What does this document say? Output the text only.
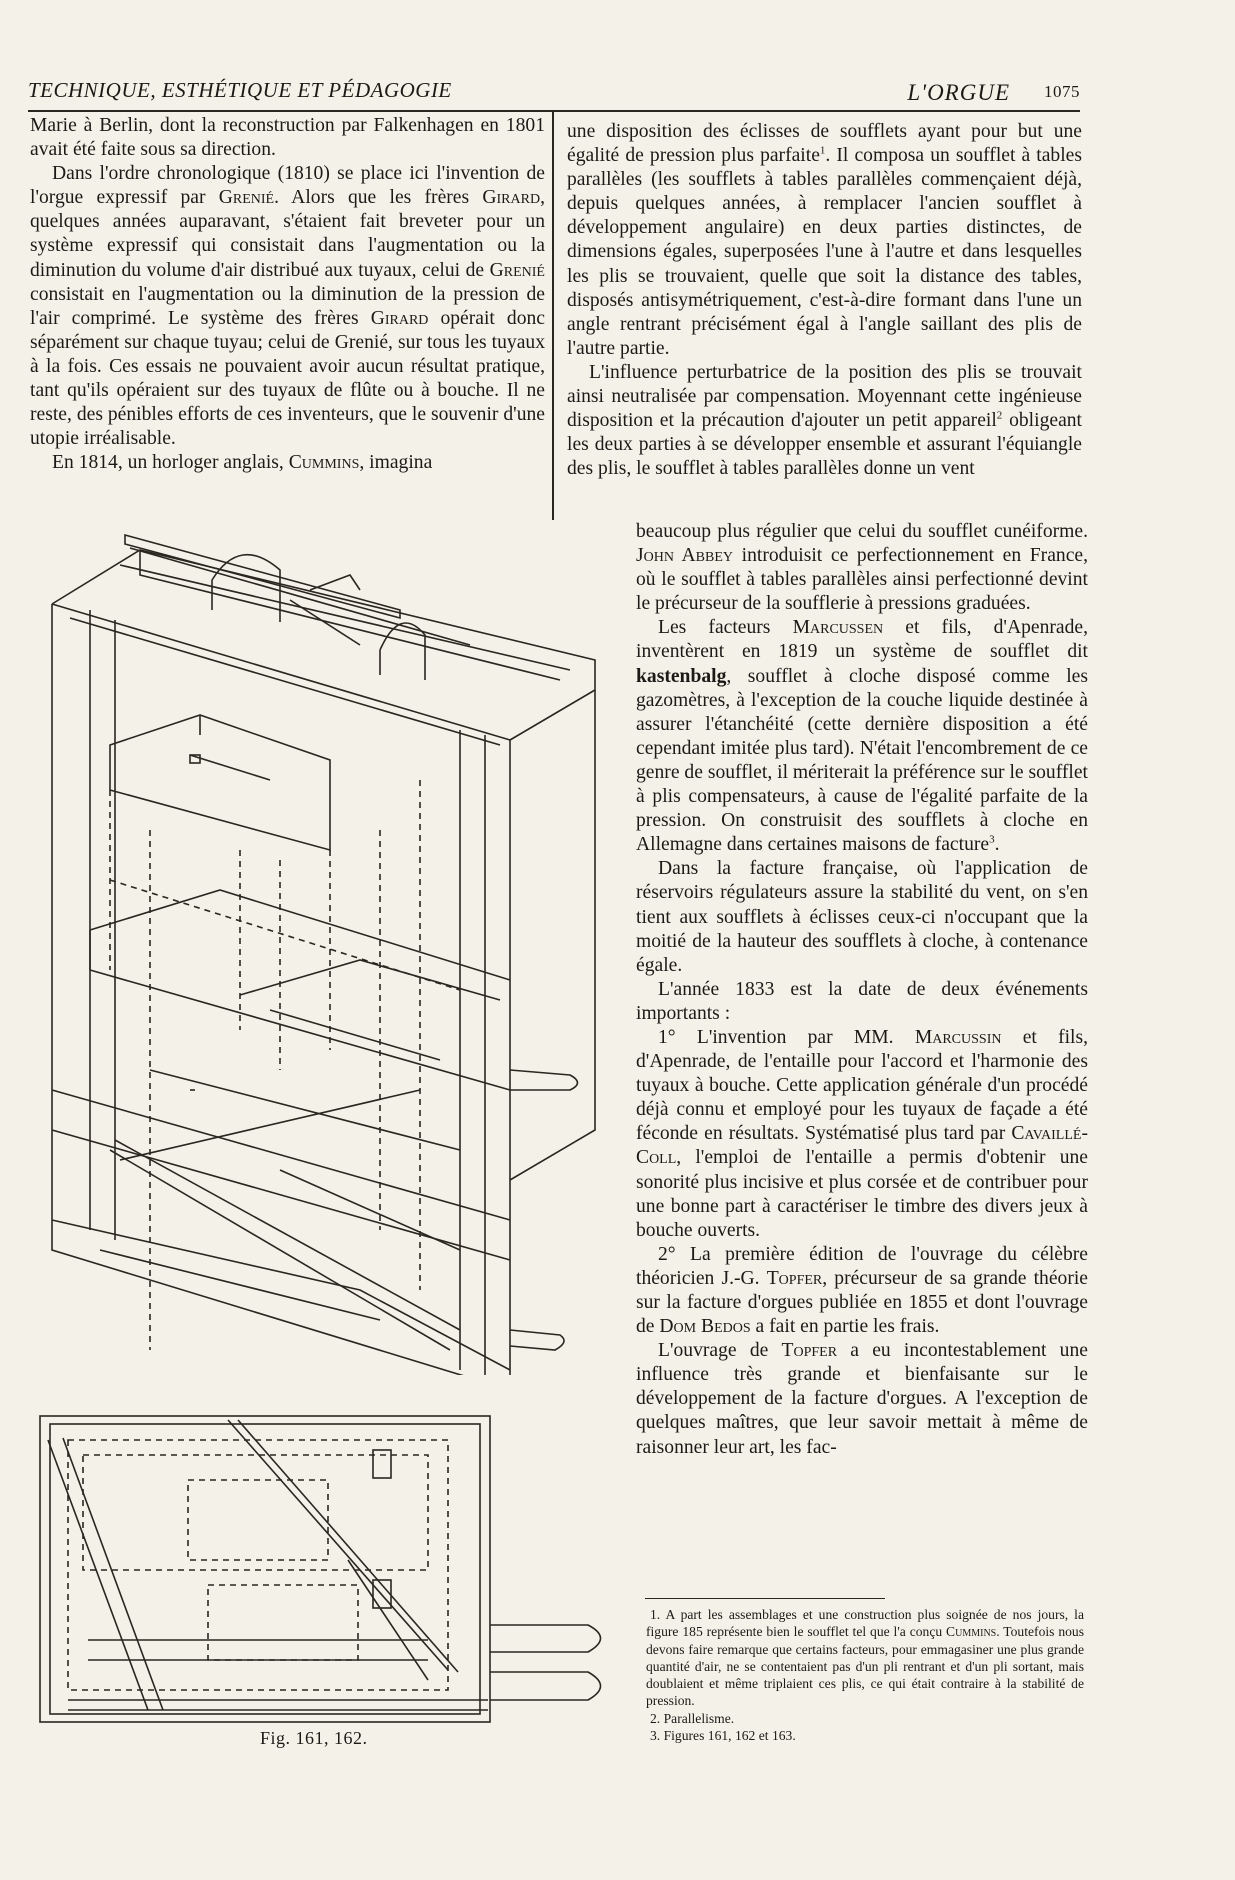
TECHNIQUE, ESTHÉTIQUE ET PÉDAGOGIE	L'ORGUE 1075

Marie à Berlin, dont la reconstruction par Falkenhagen en 1801 avait été faite sous sa direction.

Dans l'ordre chronologique (1810) se place ici l'invention de l'orgue expressif par Grenié. Alors que les frères Girard, quelques années auparavant, s'étaient fait breveter pour un système expressif qui consistait dans l'augmentation ou la diminution du volume d'air distribué aux tuyaux, celui de Grenié consistait en l'augmentation ou la diminution de la pression de l'air comprimé. Le système des frères Girard opérait donc séparément sur chaque tuyau; celui de Grenié, sur tous les tuyaux à la fois. Ces essais ne pouvaient avoir aucun résultat pratique, tant qu'ils opéraient sur des tuyaux de flûte ou à bouche. Il ne reste, des pénibles efforts de ces inventeurs, que le souvenir d'une utopie irréalisable.

En 1814, un horloger anglais, Cummins, imagina

une disposition des éclisses de soufflets ayant pour but une égalité de pression plus parfaite$^1$. Il composa un soufflet à tables parallèles (les soufflets à tables parallèles commençaient déjà, depuis quelques années, à remplacer l'ancien soufflet à développement angulaire) en deux parties distinctes, de dimensions égales, superposées l'une à l'autre et dans lesquelles les plis se trouvaient, quelle que soit la distance des tables, disposés antisymétriquement, c'est-à-dire formant dans l'une un angle rentrant précisément égal à l'angle saillant des plis de l'autre partie.

L'influence perturbatrice de la position des plis se trouvait ainsi neutralisée par compensation. Moyennant cette ingénieuse disposition et la précaution d'ajouter un petit appareil$^2$ obligeant les deux parties à se développer ensemble et assurant l'équiangle des plis, le soufflet à tables parallèles donne un vent

beaucoup plus régulier que celui du soufflet cunéiforme. John Abbey introduisit ce perfectionnement en France, où le soufflet à tables parallèles ainsi perfectionné devint le précurseur de la soufflerie à pressions graduées.

Les facteurs Marcussen et fils, d'Apenrade, inventèrent en 1819 un système de soufflet dit kastenbalg, soufflet à cloche disposé comme les gazomètres, à l'exception de la couche liquide destinée à assurer l'étanchéité (cette dernière disposition a été cependant imitée plus tard). N'était l'encombrement de ce genre de soufflet, il mériterait la préférence sur le soufflet à plis compensateurs, à cause de l'égalité parfaite de la pression. On construisit des soufflets à cloche en Allemagne dans certaines maisons de facture$^3$.

Dans la facture française, où l'application de réservoirs régulateurs assure la stabilité du vent, on s'en tient aux soufflets à éclisses ceux-ci n'occupant que la moitié de la hauteur des soufflets à cloche, à contenance égale.

L'année 1833 est la date de deux événements importants :

1° L'invention par MM. Marcussin et fils, d'Apenrade, de l'entaille pour l'accord et l'harmonie des tuyaux à bouche. Cette application générale d'un procédé déjà connu et employé pour les tuyaux de façade a été féconde en résultats. Systématisé plus tard par Cavaillé-Coll, l'emploi de l'entaille a permis d'obtenir une sonorité plus incisive et plus corsée et de contribuer pour une bonne part à caractériser le timbre des divers jeux à bouche ouverts.

2° La première édition de l'ouvrage du célèbre théoricien J.-G. Topfer, précurseur de sa grande théorie sur la facture d'orgues publiée en 1855 et dont l'ouvrage de Dom Bedos a fait en partie les frais.

L'ouvrage de Topfer a eu incontestablement une influence très grande et bienfaisante sur le développement de la facture d'orgues. A l'exception de quelques maîtres, que leur savoir mettait à même de raisonner leur art, les fac-

Fig. 161, 162.

1. A part les assemblages et une construction plus soignée de nos jours, la figure 185 représente bien le soufflet tel que l'a conçu Cummins. Toutefois nous devons faire remarque que certains facteurs, pour emmagasiner une plus grande quantité d'air, ne se contentaient pas d'un pli rentrant et d'un pli sortant, mais doublaient et même triplaient ces plis, ce qui était contraire à la stabilité de pression.

2. Parallelisme.

3. Figures 161, 162 et 163.
